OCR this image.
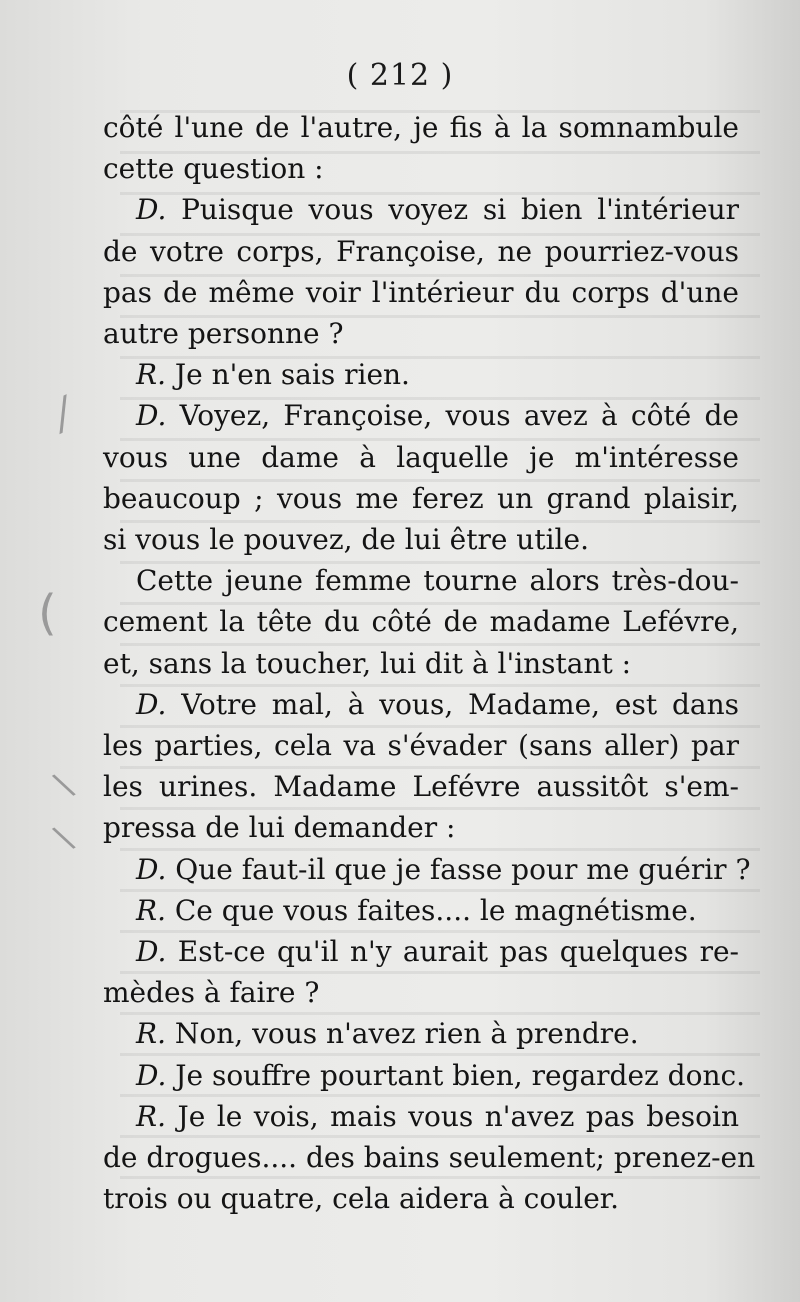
⁄
(
\
\
( 212 )
côté l'une de l'autre, je fis à la somnambule
cette question :
D. Puisque vous voyez si bien l'intérieur
de votre corps, Françoise, ne pourriez-vous
pas de même voir l'intérieur du corps d'une
autre personne ?
R. Je n'en sais rien.
D. Voyez, Françoise, vous avez à côté de
vous une dame à laquelle je m'intéresse
beaucoup ; vous me ferez un grand plaisir,
si vous le pouvez, de lui être utile.
Cette jeune femme tourne alors très-dou-
cement la tête du côté de madame Lefévre,
et, sans la toucher, lui dit à l'instant :
D. Votre mal, à vous, Madame, est dans
les parties, cela va s'évader (sans aller) par
les urines. Madame Lefévre aussitôt s'em-
pressa de lui demander :
D. Que faut-il que je fasse pour me guérir ?
R. Ce que vous faites.... le magnétisme.
D. Est-ce qu'il n'y aurait pas quelques re-
mèdes à faire ?
R. Non, vous n'avez rien à prendre.
D. Je souffre pourtant bien, regardez donc.
R. Je le vois, mais vous n'avez pas besoin
de drogues.... des bains seulement; prenez-en
trois ou quatre, cela aidera à couler.
